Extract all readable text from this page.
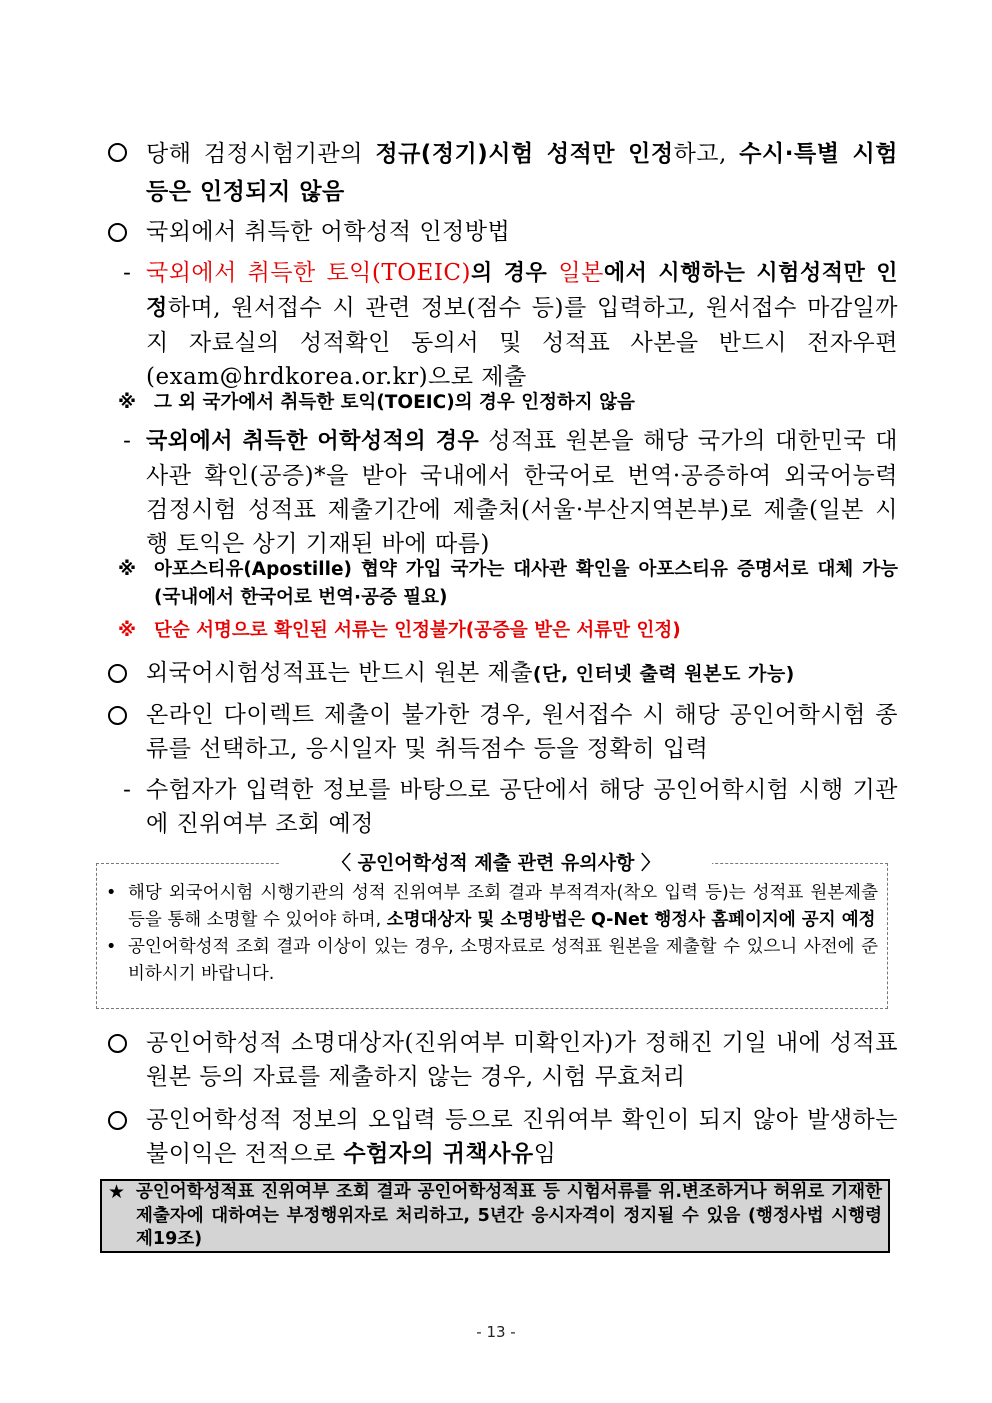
당해 검정시험기관의 정규(정기)시험 성적만 인정하고, 수시·특별 시험 등은 인정되지 않음
국외에서 취득한 어학성적 인정방법
- 국외에서 취득한 토익(TOEIC)의 경우 일본에서 시행하는 시험성적만 인정하며, 원서접수 시 관련 정보(점수 등)를 입력하고, 원서접수 마감일까지 자료실의 성적확인 동의서 및 성적표 사본을 반드시 전자우편 (exam@hrdkorea.or.kr)으로 제출
※ 그 외 국가에서 취득한 토익(TOEIC)의 경우 인정하지 않음
- 국외에서 취득한 어학성적의 경우 성적표 원본을 해당 국가의 대한민국 대사관 확인(공증)*을 받아 국내에서 한국어로 번역·공증하여 외국어능력 검정시험 성적표 제출기간에 제출처(서울·부산지역본부)로 제출(일본 시행 토익은 상기 기재된 바에 따름)
※ 아포스티유(Apostille) 협약 가입 국가는 대사관 확인을 아포스티유 증명서로 대체 가능(국내에서 한국어로 번역·공증 필요)
※ 단순 서명으로 확인된 서류는 인정불가(공증을 받은 서류만 인정)
외국어시험성적표는 반드시 원본 제출(단, 인터넷 출력 원본도 가능)
온라인 다이렉트 제출이 불가한 경우, 원서접수 시 해당 공인어학시험 종류를 선택하고, 응시일자 및 취득점수 등을 정확히 입력
- 수험자가 입력한 정보를 바탕으로 공단에서 해당 공인어학시험 시행 기관에 진위여부 조회 예정
〈 공인어학성적 제출 관련 유의사항 〉
• 해당 외국어시험 시행기관의 성적 진위여부 조회 결과 부적격자(착오 입력 등)는 성적표 원본제출 등을 통해 소명할 수 있어야 하며, 소명대상자 및 소명방법은 Q-Net 행정사 홈페이지에 공지 예정
• 공인어학성적 조회 결과 이상이 있는 경우, 소명자료로 성적표 원본을 제출할 수 있으니 사전에 준비하시기 바랍니다.
공인어학성적 소명대상자(진위여부 미확인자)가 정해진 기일 내에 성적표 원본 등의 자료를 제출하지 않는 경우, 시험 무효처리
공인어학성적 정보의 오입력 등으로 진위여부 확인이 되지 않아 발생하는 불이익은 전적으로 수험자의 귀책사유임
★ 공인어학성적표 진위여부 조회 결과 공인어학성적표 등 시험서류를 위.변조하거나 허위로 기재한 제출자에 대하여는 부정행위자로 처리하고, 5년간 응시자격이 정지될 수 있음 (행정사법 시행령 제19조)
- 13 -
